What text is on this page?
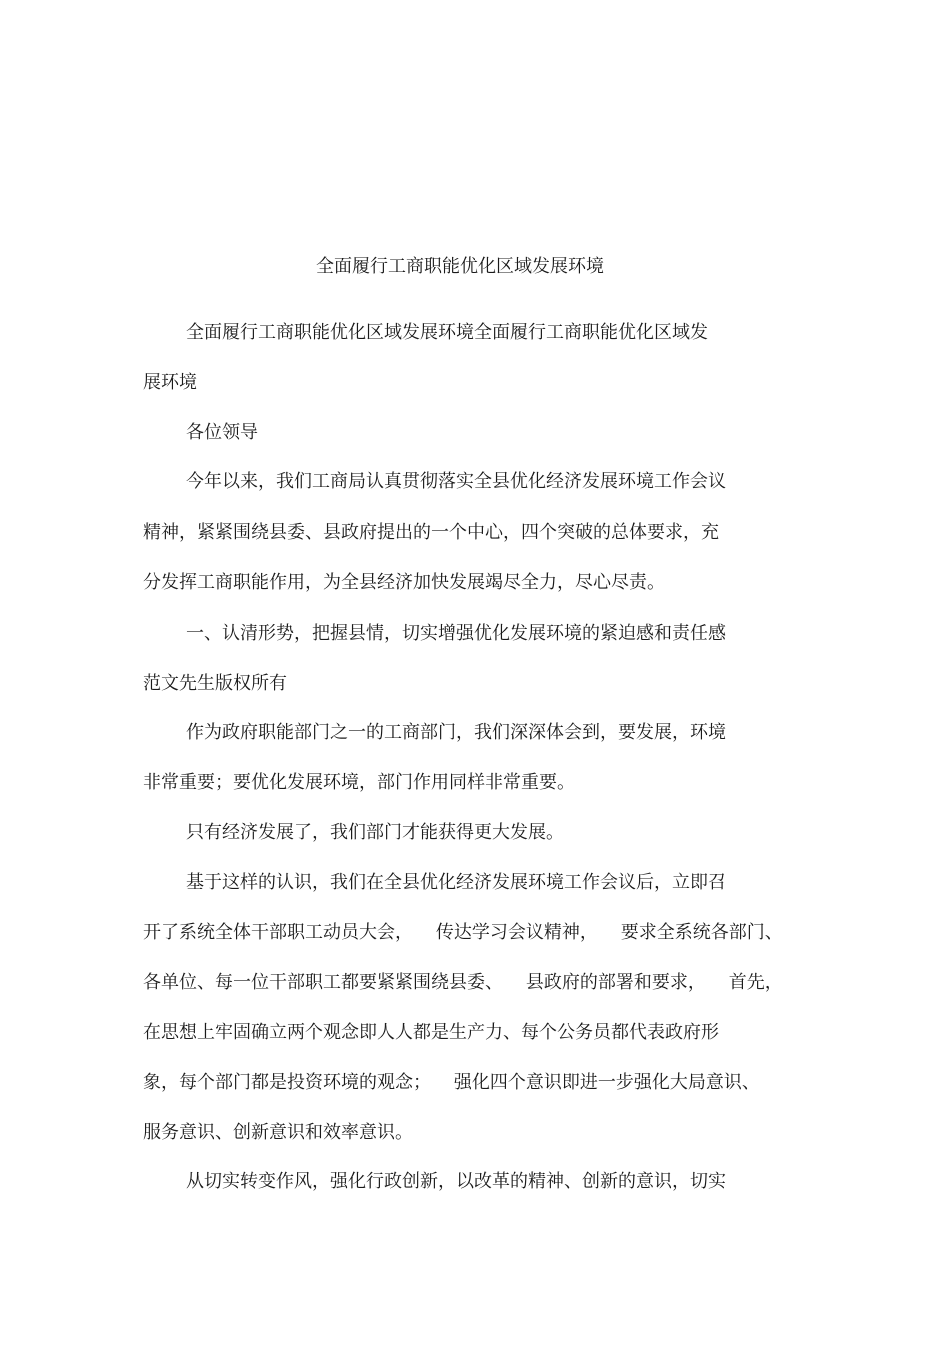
全面履行工商职能优化区域发展环境
全面履行工商职能优化区域发展环境全面履行工商职能优化区域发
展环境
各位领导
今年以来，我们工商局认真贯彻落实全县优化经济发展环境工作会议
精神，紧紧围绕县委、县政府提出的一个中心，四个突破的总体要求，充
分发挥工商职能作用，为全县经济加快发展竭尽全力，尽心尽责。
一、认清形势，把握县情，切实增强优化发展环境的紧迫感和责任感
范文先生版权所有
作为政府职能部门之一的工商部门，我们深深体会到，要发展，环境
非常重要；要优化发展环境，部门作用同样非常重要。
只有经济发展了，我们部门才能获得更大发展。
基于这样的认识，我们在全县优化经济发展环境工作会议后，立即召
开了系统全体干部职工动员大会，    传达学习会议精神，    要求全系统各部门、
各单位、每一位干部职工都要紧紧围绕县委、    县政府的部署和要求，    首先，
在思想上牢固确立两个观念即人人都是生产力、每个公务员都代表政府形
象，每个部门都是投资环境的观念；    强化四个意识即进一步强化大局意识、
服务意识、创新意识和效率意识。
从切实转变作风，强化行政创新，以改革的精神、创新的意识，切实
